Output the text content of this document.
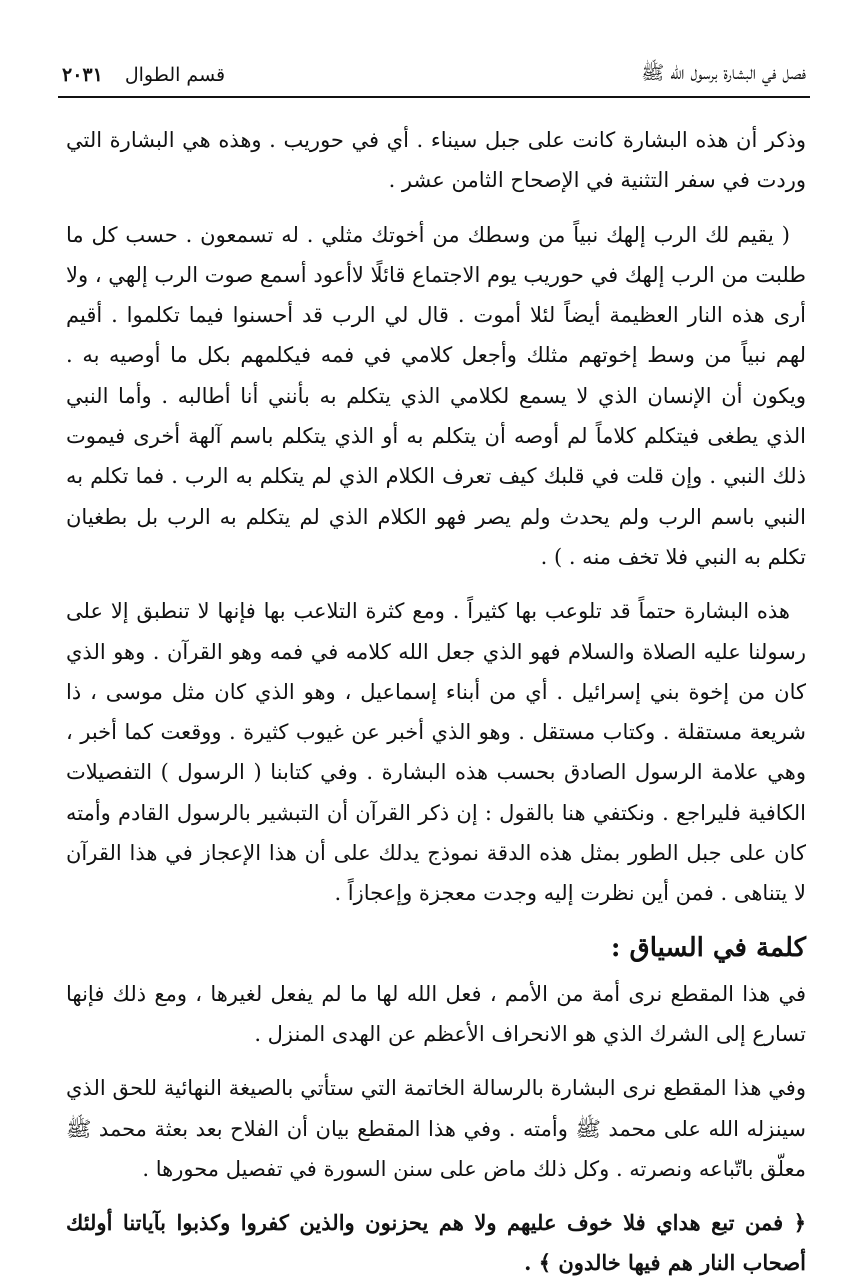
فصل في البشارة برسول الله ﷺ
قسم الطوال
٢٠٣١

وذكر أن هذه البشارة كانت على جبل سيناء . أي في حوريب . وهذه هي البشارة التي وردت في سفر التثنية في الإصحاح الثامن عشر .

( يقيم لك الرب إلهك نبياً من وسطك من أخوتك مثلي . له تسمعون . حسب كل ما طلبت من الرب إلهك في حوريب يوم الاجتماع قائلًا لاأعود أسمع صوت الرب إلهي ، ولا أرى هذه النار العظيمة أيضاً لئلا أموت . قال لي الرب قد أحسنوا فيما تكلموا . أقيم لهم نبياً من وسط إخوتهم مثلك وأجعل كلامي في فمه فيكلمهم بكل ما أوصيه به . ويكون أن الإنسان الذي لا يسمع لكلامي الذي يتكلم به بأنني أنا أطالبه . وأما النبي الذي يطغى فيتكلم كلاماً لم أوصه أن يتكلم به أو الذي يتكلم باسم آلهة أخرى فيموت ذلك النبي . وإن قلت في قلبك كيف تعرف الكلام الذي لم يتكلم به الرب . فما تكلم به النبي باسم الرب ولم يحدث ولم يصر فهو الكلام الذي لم يتكلم به الرب بل بطغيان تكلم به النبي فلا تخف منه . ) .

هذه البشارة حتماً قد تلوعب بها كثيراً . ومع كثرة التلاعب بها فإنها لا تنطبق إلا على رسولنا عليه الصلاة والسلام فهو الذي جعل الله كلامه في فمه وهو القرآن . وهو الذي كان من إخوة بني إسرائيل . أي من أبناء إسماعيل ، وهو الذي كان مثل موسى ، ذا شريعة مستقلة . وكتاب مستقل . وهو الذي أخبر عن غيوب كثيرة . ووقعت كما أخبر ، وهي علامة الرسول الصادق بحسب هذه البشارة . وفي كتابنا ( الرسول ) التفصيلات الكافية فليراجع . ونكتفي هنا بالقول : إن ذكر القرآن أن التبشير بالرسول القادم وأمته كان على جبل الطور بمثل هذه الدقة نموذج يدلك على أن هذا الإعجاز في هذا القرآن لا يتناهى . فمن أين نظرت إليه وجدت معجزة وإعجازاً .

كلمة في السياق :

في هذا المقطع نرى أمة من الأمم ، فعل الله لها ما لم يفعل لغيرها ، ومع ذلك فإنها تسارع إلى الشرك الذي هو الانحراف الأعظم عن الهدى المنزل .

وفي هذا المقطع نرى البشارة بالرسالة الخاتمة التي ستأتي بالصيغة النهائية للحق الذي سينزله الله على محمد ﷺ وأمته . وفي هذا المقطع بيان أن الفلاح بعد بعثة محمد ﷺ معلّق باتّباعه ونصرته . وكل ذلك ماض على سنن السورة في تفصيل محورها .

﴿ فمن تبع هداي فلا خوف عليهم ولا هم يحزنون والذين كفروا وكذبوا بآياتنا أولئك أصحاب النار هم فيها خالدون ﴾ .
